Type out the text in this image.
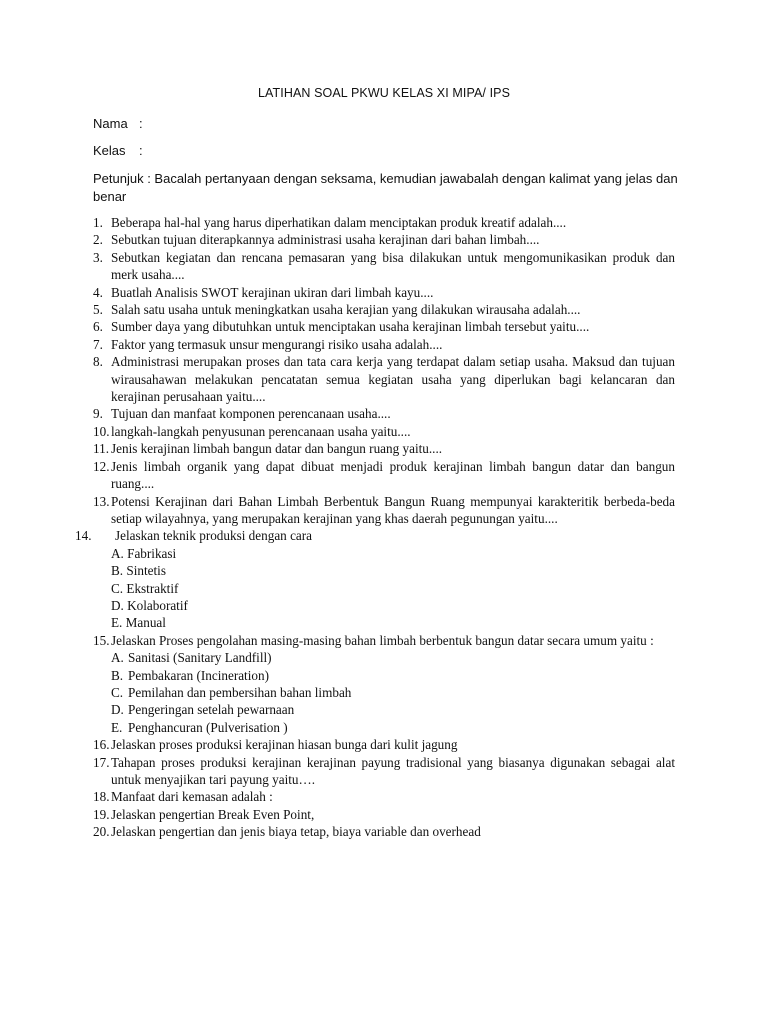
LATIHAN SOAL PKWU KELAS XI MIPA/ IPS
Nama :
Kelas :
Petunjuk : Bacalah pertanyaan dengan seksama, kemudian jawabalah dengan kalimat yang jelas dan benar
1. Beberapa hal-hal yang harus diperhatikan dalam menciptakan produk kreatif adalah....
2. Sebutkan tujuan diterapkannya administrasi usaha kerajinan dari bahan limbah....
3. Sebutkan kegiatan dan rencana pemasaran yang bisa dilakukan untuk mengomunikasikan produk dan merk usaha....
4. Buatlah Analisis SWOT kerajinan ukiran dari limbah kayu....
5. Salah satu usaha untuk meningkatkan usaha kerajian yang dilakukan wirausaha adalah....
6. Sumber daya yang dibutuhkan untuk menciptakan usaha kerajinan limbah tersebut yaitu....
7. Faktor yang termasuk unsur mengurangi risiko usaha adalah....
8. Administrasi merupakan proses dan tata cara kerja yang terdapat dalam setiap usaha. Maksud dan tujuan wirausahawan melakukan pencatatan semua kegiatan usaha yang diperlukan bagi kelancaran dan kerajinan perusahaan yaitu....
9. Tujuan dan manfaat komponen perencanaan usaha....
10. langkah-langkah penyusunan perencanaan usaha yaitu....
11. Jenis kerajinan limbah bangun datar dan bangun ruang yaitu....
12. Jenis limbah organik yang dapat dibuat menjadi produk kerajinan limbah bangun datar dan bangun ruang....
13. Potensi Kerajinan dari Bahan Limbah Berbentuk Bangun Ruang mempunyai karakteritik berbeda-beda setiap wilayahnya, yang merupakan kerajinan yang khas daerah pegunungan yaitu....
14. Jelaskan teknik produksi dengan cara
A. Fabrikasi
B. Sintetis
C. Ekstraktif
D. Kolaboratif
E. Manual
15. Jelaskan Proses pengolahan masing-masing bahan limbah berbentuk bangun datar secara umum yaitu :
A. Sanitasi (Sanitary Landfill)
B. Pembakaran (Incineration)
C. Pemilahan dan pembersihan bahan limbah
D. Pengeringan setelah pewarnaan
E. Penghancuran (Pulverisation )
16. Jelaskan proses produksi kerajinan hiasan bunga dari kulit jagung
17. Tahapan proses produksi kerajinan kerajinan payung tradisional yang biasanya digunakan sebagai alat untuk menyajikan tari payung yaitu….
18. Manfaat dari kemasan adalah :
19. Jelaskan pengertian Break Even Point,
20. Jelaskan pengertian dan jenis biaya tetap, biaya variable dan overhead
